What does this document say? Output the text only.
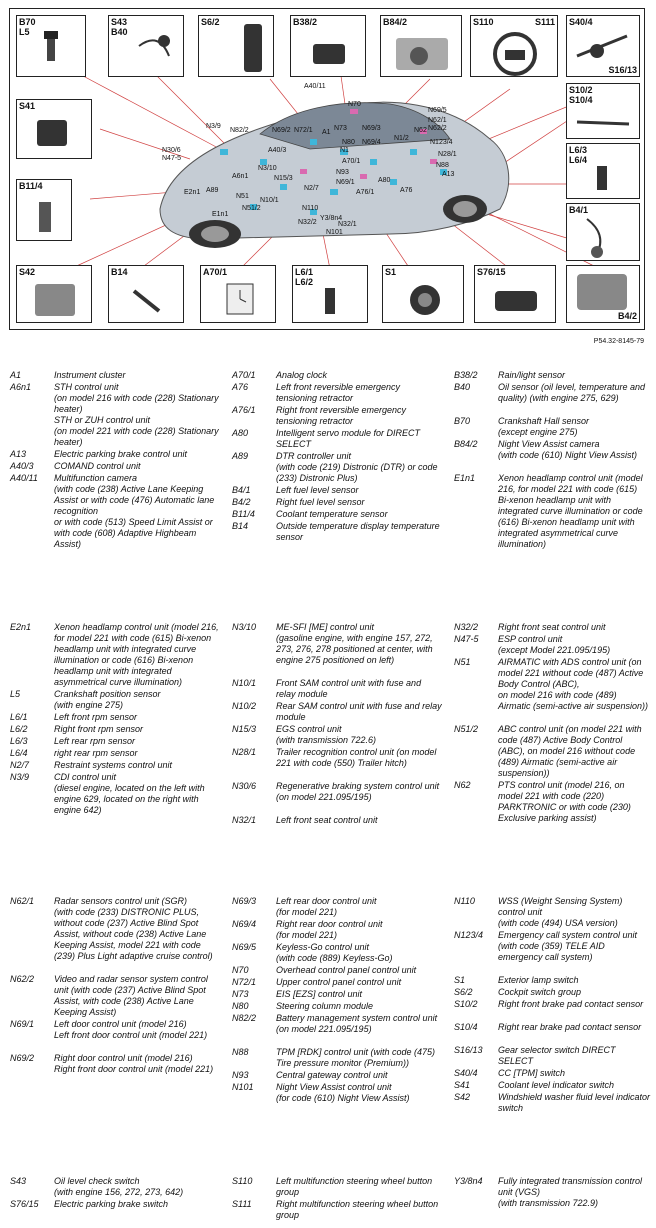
B70
L5
S43
B40
S6/2	B38/2	B84/2	S110	S111 S40/4
S16/13
S41
S10/2
S10/4
B11/4
L6/3
L6/4
B4/1
S42	B14	A70/1	L6/1
L6/2
S1	S76/15
B4/2
A40/11
N70
N69/5
N62/1
N62/2
N62
N123/4
N28/1
N88
A13
N30/6
N47-5
N3/9
N82/2	N69/2 N72/1 A1
N73 N69/3
N1/2
N69/4
N80
A40/3	N1
A70/1
N3/10
N15/3
N93
A89
A6n1
N2/7
N69/1	A80
A76
E2n1
N51
N10/1
N110
A76/1
E1n1
N51/2
N32/2	N32/1
Y3/8n4
N101
P54.32-8145-79
A1	Instrument cluster
A6n1	STH control unit
(on model 216 with code (228) Stationary heater)
STH or ZUH control unit
(on model 221 with code (228) Stationary heater)
A13	Electric parking brake control unit
A40/3	COMAND control unit
A40/11	Multifunction camera
(with code (238) Active Lane Keeping Assist or with code (476) Automatic lane recognition
or with code (513) Speed Limit Assist or with code (608) Adaptive Highbeam Assist)
E2n1	Xenon headlamp control unit (model 216, for model 221 with code (615) Bi-xenon headlamp unit with integrated curve illumination or code (616) Bi-xenon headlamp unit with integrated asymmetrical curve illumination)
L5	Crankshaft position sensor
(with engine 275)
L6/1	Left front rpm sensor
L6/2	Right front rpm sensor
L6/3	Left rear rpm sensor
L6/4	right rear rpm sensor
N2/7	Restraint systems control unit
N3/9	CDI control unit
(diesel engine, located on the left with engine 629, located on the right with engine 642)
N62/1	Radar sensors control unit (SGR)
(with code (233) DISTRONIC PLUS, without code (237) Active Blind Spot Assist, without code (238) Active Lane Keeping Assist, model 221 with code (239) Plus Light adaptive cruise control)
N62/2	Video and radar sensor system control unit (with code (237) Active Blind Spot Assist, with code (238) Active Lane Keeping Assist)
N69/1	Left door control unit (model 216)
Left front door control unit (model 221)
N69/2	Right door control unit (model 216)
Right front door control unit (model 221)
S43	Oil level check switch
(with engine 156, 272, 273, 642)
S76/15	Electric parking brake switch
A70/1	Analog clock
A76	Left front reversible emergency tensioning retractor
A76/1	Right front reversible emergency tensioning retractor
A80	Intelligent servo module for DIRECT SELECT
A89	DTR controller unit
(with code (219) Distronic (DTR) or code (233) Distronic Plus)
B4/1	Left fuel level sensor
B4/2	Right fuel level sensor
B11/4	Coolant temperature sensor
B14	Outside temperature display temperature sensor
N3/10	ME-SFI [ME] control unit
(gasoline engine, with engine 157, 272, 273, 276, 278 positioned at center, with engine 275 positioned on left)
N10/1	Front SAM control unit with fuse and relay module
N10/2	Rear SAM control unit with fuse and relay module
N15/3	EGS control unit
(with transmission 722.6)
N28/1	Trailer recognition control unit (on model 221 with code (550) Trailer hitch)
N30/6	Regenerative braking system control unit
(on model 221.095/195)
N32/1	Left front seat control unit
N69/3	Left rear door control unit
(for model 221)
N69/4	Right rear door control unit
(for model 221)
N69/5	Keyless-Go control unit
(with code (889) Keyless-Go)
N70	Overhead control panel control unit
N72/1	Upper control panel control unit
N73	EIS [EZS] control unit
N80	Steering column module
N82/2	Battery management system control unit
(on model 221.095/195)
N88	TPM [RDK] control unit (with code (475) Tire pressure monitor (Premium))
N93	Central gateway control unit
N101	Night View Assist control unit
(for code (610) Night View Assist)
S110	Left multifunction steering wheel button group
S111	Right multifunction steering wheel button group
B38/2	Rain/light sensor
B40	Oil sensor (oil level, temperature and quality) (with engine 275, 629)
B70	Crankshaft Hall sensor
(except engine 275)
B84/2	Night View Assist camera
(with code (610) Night View Assist)
E1n1	Xenon headlamp control unit (model 216, for model 221 with code (615) Bi-xenon headlamp unit with integrated curve illumination or code (616) Bi-xenon headlamp unit with integrated asymmetrical curve illumination)
N32/2	Right front seat control unit
N47-5	ESP control unit
(except Model 221.095/195)
N51	AIRMATIC with ADS control unit (on model 221 without code (487) Active Body Control (ABC),
on model 216 with code (489) Airmatic (semi-active air suspension))
N51/2	ABC control unit (on model 221 with code (487) Active Body Control (ABC), on model 216 without code (489) Airmatic (semi-active air suspension))
N62	PTS control unit (model 216, on model 221 with code (220) PARKTRONIC or with code (230) Exclusive parking assist)
N110	WSS (Weight Sensing System) control unit
(with code (494) USA version)
N123/4	Emergency call system control unit
(with code (359) TELE AID emergency call system)
S1	Exterior lamp switch
S6/2	Cockpit switch group
S10/2	Right front brake pad contact sensor
S10/4	Right rear brake pad contact sensor
S16/13	Gear selector switch DIRECT SELECT
S40/4	CC [TPM] switch
S41	Coolant level indicator switch
S42	Windshield washer fluid level indicator switch
Y3/8n4	Fully integrated transmission control unit (VGS)
(with transmission 722.9)
